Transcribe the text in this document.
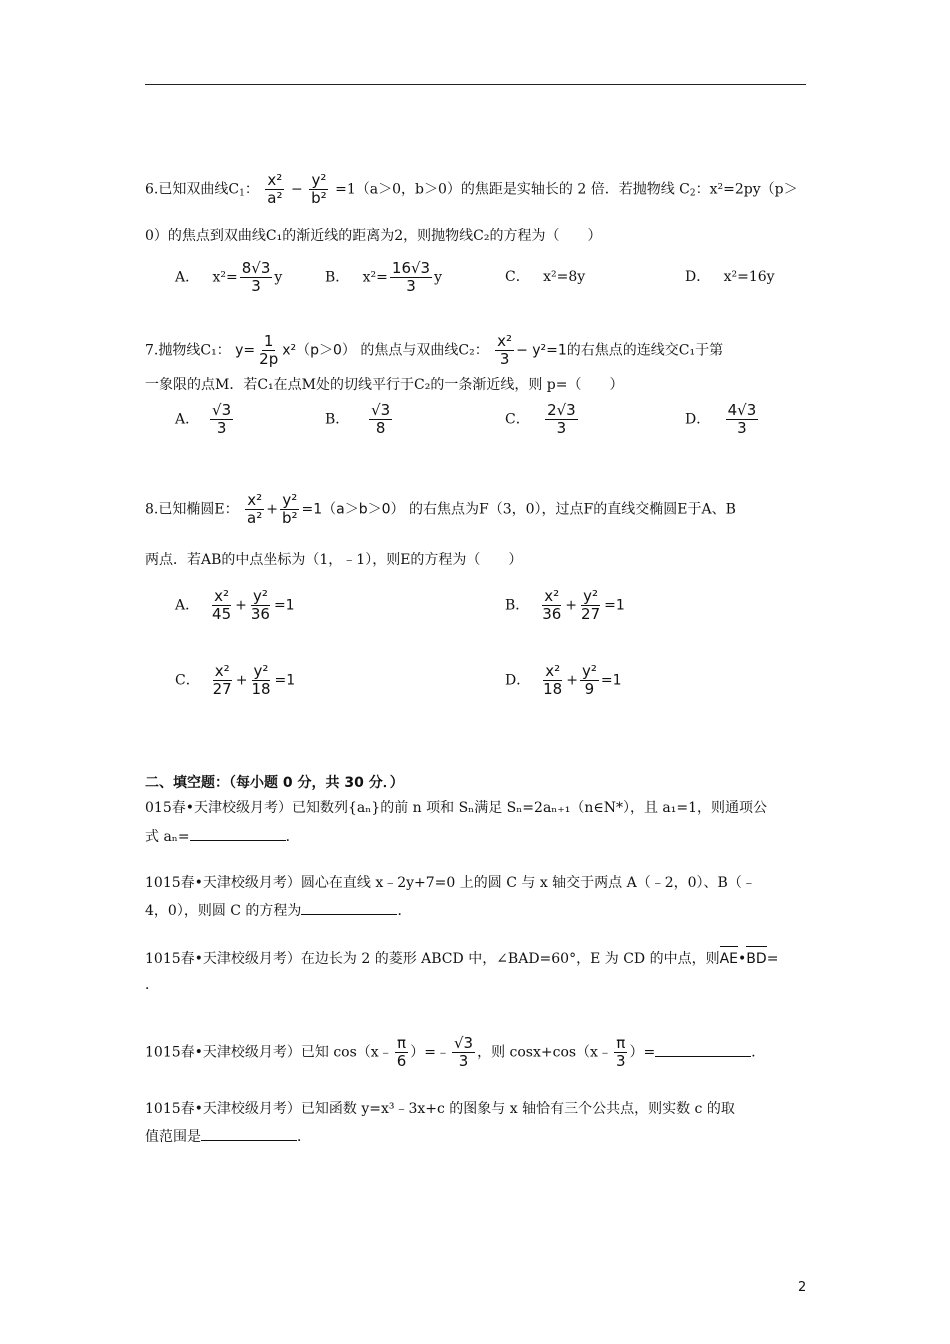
6.已知双曲线$C_1$： $\frac{\text{x²}}{\text{a²}} - \frac{\text{y²}}{\text{b²}} =1(a>0$，b＞0）的焦距是实轴长的 2 倍．若抛物线 $C_2$：x²=2py（p＞
0）的焦点到双曲线C₁的渐近线的距离为2，则抛物线C₂的方程为（　　）
A． $x^2= \frac{8√3}{3}$ y	B． $x^2= \frac{16√3}{3}$ y	C． x²=8y	D． x²=16y
7.抛物线C₁： $y= \frac{1}{2p} x^2(p>0)$ 的焦点与双曲线C₂： $\frac{\text{x²}}{3} - y^2=1$的右焦点的连线交C₁于第
一象限的点M．若C₁在点M处的切线平行于C₂的一条渐近线，则 p=（　　）
A． $\frac{√3}{3}$	B． $\frac{√3}{8}$	C． $\frac{2√3}{3}$	D． $\frac{4√3}{3}$
8.已知椭圆E： $\frac{\text{x²}}{\text{a²}} + \frac{\text{y²}}{\text{b²}} =1(a>b>0)$ 的右焦点为F（3，0），过点F的直线交椭圆E于A、B
两点．若AB的中点坐标为（1，﹣1），则E的方程为（　　）
A． $\frac{\text{x²}}{45} + \frac{\text{y²}}{36} =1$	B． $\frac{\text{x²}}{36} + \frac{\text{y²}}{27} =1$
C． $\frac{\text{x²}}{27} + \frac{\text{y²}}{18} =1$	D． $\frac{\text{x²}}{18} + \frac{\text{y²}}{9} =1$
二、填空题：（每小题 0 分，共 30 分．）
015春•天津校级月考）已知数列{aₙ}的前 n 项和 Sₙ满足 Sₙ=2aₙ₊₁（n∈N*），且 a₁=1，则通项公
式 aₙ=	．
1015春•天津校级月考）圆心在直线 x﹣2y+7=0 上的圆 C 与 x 轴交于两点 A（﹣2，0）、B（﹣
4，0），则圆 C 的方程为	．
1015春•天津校级月考）在边长为 2 的菱形 ABCD 中，∠BAD=60°，E 为 CD 的中点，则AE•BD=
．
1015春•天津校级月考）已知 cos（x﹣ $\frac{\pi}{6}$ ）=﹣ $\frac{√3}{3}$ ，则 cosx+cos（x﹣ $\frac{\pi}{3}$ ）=	．
1015春•天津校级月考）已知函数 y=x³﹣3x+c 的图象与 x 轴恰有三个公共点，则实数 c 的取
值范围是	．
2
